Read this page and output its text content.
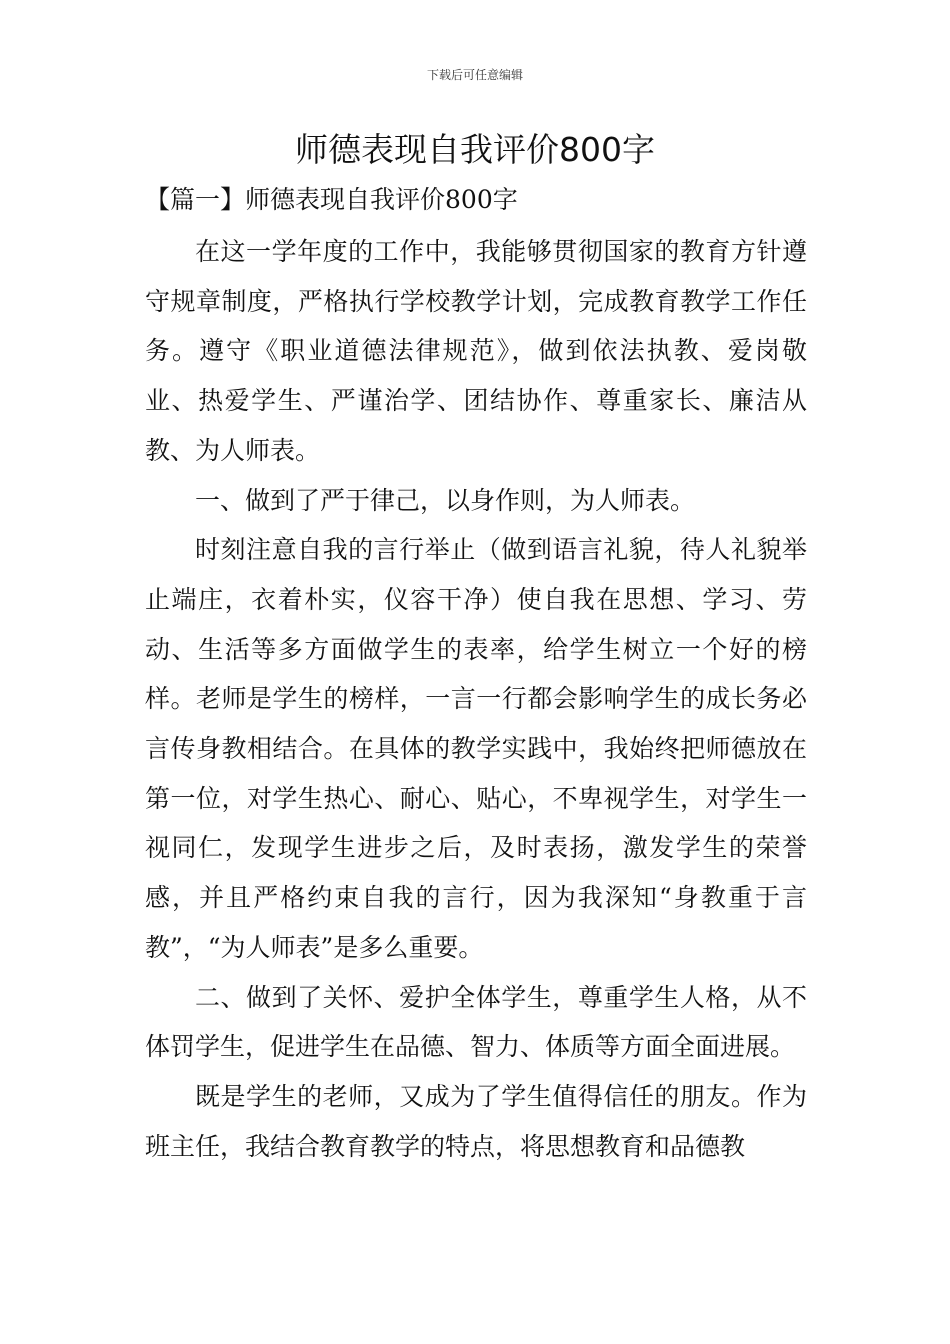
下载后可任意编辑
师德表现自我评价800字
【篇一】师德表现自我评价800字

在这一学年度的工作中，我能够贯彻国家的教育方针遵守规章制度，严格执行学校教学计划，完成教育教学工作任务。遵守《职业道德法律规范》，做到依法执教、爱岗敬业、热爱学生、严谨治学、团结协作、尊重家长、廉洁从教、为人师表。

一、做到了严于律己，以身作则，为人师表。

时刻注意自我的言行举止（做到语言礼貌，待人礼貌举止端庄，衣着朴实，仪容干净）使自我在思想、学习、劳动、生活等多方面做学生的表率，给学生树立一个好的榜样。老师是学生的榜样，一言一行都会影响学生的成长务必言传身教相结合。在具体的教学实践中，我始终把师德放在第一位，对学生热心、耐心、贴心，不卑视学生，对学生一视同仁，发现学生进步之后，及时表扬，激发学生的荣誉感，并且严格约束自我的言行，因为我深知“身教重于言教”，“为人师表”是多么重要。

二、做到了关怀、爱护全体学生，尊重学生人格，从不体罚学生，促进学生在品德、智力、体质等方面全面进展。

既是学生的老师，又成为了学生值得信任的朋友。作为班主任，我结合教育教学的特点，将思想教育和品德教
